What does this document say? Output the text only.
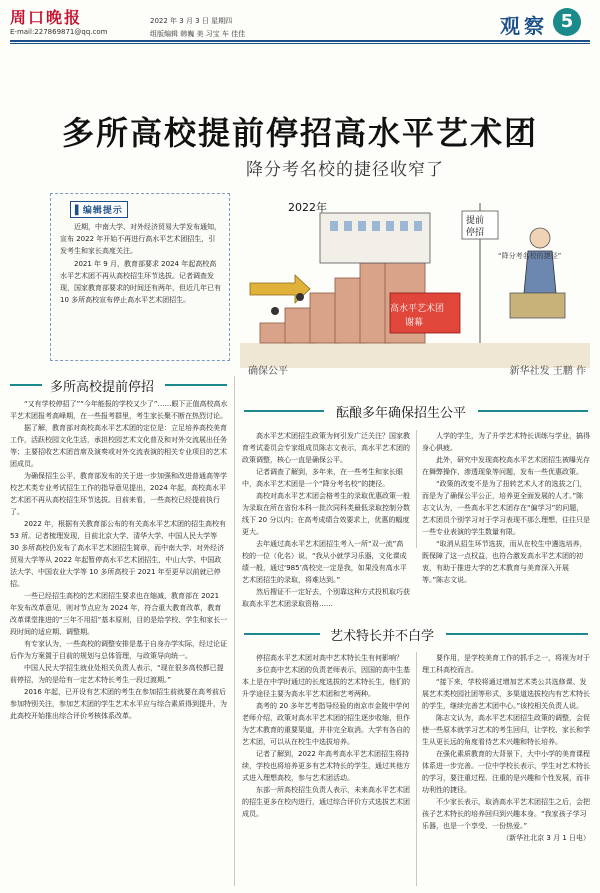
周口晚报
E-mail:227869871@qq.com
2022 年 3 月 3 日 星期四
组版编辑 韩巍 美 习宝 车 佳佳	观察 5
多所高校提前停招高水平艺术团
降分考名校的捷径收窄了
▌编辑提示

近期，中南大学、对外经济贸易大学发布通知，宣布 2022 年开始不再进行高水平艺术团招生，引发考生和家长高度关注。

2021 年 9 月，教育部要求 2024 年起高校高水平艺术团不再从高校招生环节选拔。记者调查发现，国家教育部要求的时间还有两年，但近几年已有 10 多所高校宣布停止高水平艺术团招生。

2022年
高水平艺术团
谢幕
提前
停招
“降分考名校的捷径”
确保公平	新华社发 王鹏 作
多所高校提前停招

“又有学校停招了”“今年能报的学校又少了”……眼下正值高校高水平艺术团报考高峰期，在一些报考群里，考生家长聚不断在热烈讨论。

据了解，教育部对高校高水平艺术团的定位是：立足培养高校美育工作，活跃校园文化生活，承担校园艺术文化普及和对外交流展出任务等；主要招收艺术团首席及演奏或对外交流表演的相关专业项目的艺术团成员。

为确保招生公平，教育部发布的关于进一步加强和改进普通高等学校艺术类专业考试招生工作的指导意见提出，2024 年起，高校高水平艺术团不再从高校招生环节选拔。目前来看，一些高校已经提前执行了。

2022 年，根据有关教育部公布的有关高水平艺术团的招生高校有 53 所。记者梳理发现，目前北京大学、清华大学、中国人民大学等 30 多所高校仍发布了高水平艺术团招生简章，而中南大学、对外经济贸易大学等从 2022 年起暂停高水平艺术团招生，中山大学、中国政法大学、中国农业大学等 10 多所高校于 2021 年至更早以前就已停招。

一些已经招生高校的艺术团招生要求也在缩减，教育部在 2021 年发布改革意见，则对节点应为 2024 年，符合重大教育改革，教育改革课堂推进的“三年不用招”基本原则，目的是给学校、学生和家长一段时间的适应期、调整期。

有专家认为，一些高校的调整安排是基于自身办学实际，经过论证后作为方案置于目前的规划与总体管理，与政策导向统一。

中国人民大学招生就业处相关负责人表示，“现在很多高校都已提前停招，为的是给有一定艺术特长考生一段过渡期。”

2016 年起，已开设有艺术团的考生在参加招生前就要在高考前后参加特别关注，参加艺术团的学生艺术水平应与综合素质得到提升，为此高校开始推出综合评价考核体系改革。

酝酿多年确保招生公平

高水平艺术团招生政策为何引发广泛关注？国家教育考试委员会专家组成员陈志文表示，高水平艺术团的政策调整，核心一直是确保公平。

记者调查了解到，多年来，在一些考生和家长眼中，高水平艺术团是一个“降分考名校”的捷径。

高校对高水平艺术团会格考生的录取优惠政策一般为录取在所在省份本科一批次同科类最低录取控制分数线下 20 分以内；在高考成绩合效要求上，优惠的幅度更大。

去年通过高水平艺术团招生考入一所“双一流”高校的一位（化名）说，“我从小就学习乐器，文化课成绩一般，通过‘985’高校完一定是我，如果没有高水平艺术团招生的录取，将难达到。”

然后搜证不一定好去，个别靠这种方式投机取巧获取高水平艺术团录取资格……

人学的学生，为了升学艺术特长训练与学业，搞得身心俱疲。

此外，研究中发现高校高水平艺术团招生被曝光存在舞弊操作、渗透现象等问题，发布一些优惠政策。

“政策的改变不是为了扭转艺术人才的选拔之门，而是为了确保公平公正，培养更全面发展的人才。”陈志文认为，一些高水平艺术团存在“偏学习”的问题，艺术团员个别学习对于学习表现不那么理想，往往只是一些专业表演的学生数量有限。

“取消从招生环节选拔，而从在校生中遴选培养，既保障了这一点权益，也符合激发高水平艺术团的初衷，有助于推进大学的艺术教育与美育深入开展等。”陈志文说。

艺术特长并不白学

停招高水平艺术团对高中艺术特长生有何影响？

多位高中艺术团的负责老师表示，因国的高中生基本上是在中学时通过的长度选拔的艺术特长生，他们的升学途径主要为高水平艺术团和艺考两种。

高考的 20 多年艺考指导经验的南京市金陵中学何老师介绍，政策对高水平艺术团的招生逐步收缩，但作为艺术教育的重要渠道，并非完全取消。大学有各自的艺术团，可以从在校生中选拔培养。

记者了解到，2022 年高考高水平艺术团招生将持续，学校也将培养更多有艺术特长的学生，通过其他方式进入理想高校，参与艺术团活动。

东部一所高校招生负责人表示，未来高水平艺术团的招生更多在校内进行，通过综合评价方式选拔艺术团成员。

要作用，是学校美育工作的抓手之一，将视为对于理工科高校而言。

“接下来，学校将通过增加艺术类公共选修课、发展艺术类校园社团等形式，多渠道选拔校内有艺术特长的学生，继续完善艺术团中心。”该校相关负责人说。

陈志文认为，高水平艺术团招生政策的调整，会促使一些原本就学习艺术的考生回归，让学校、家长和学生从更长远的角度看待艺术兴趣和特长培养。

在强化素质教育的大背景下，大中小学的美育课程体系进一步完善。一位中学校长表示，学生对艺术特长的学习，要注重过程、注重的是兴趣和个性发展，而非功利性的捷径。

不少家长表示，取消高水平艺术团招生之后，会把孩子艺术特长的培养回归到兴趣本身。“我家孩子学习乐器，也是一个享受、一份热爱。”

（新华社北京 3 月 1 日电）
